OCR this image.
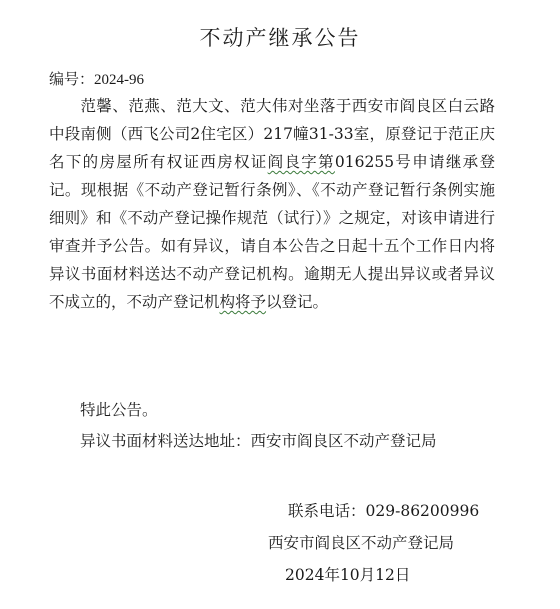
不动产继承公告
编号：2024-96
范馨、范燕、范大文、范大伟对坐落于西安市阎良区白云路中段南侧（西飞公司2住宅区）217幢31-33室，原登记于范正庆名下的房屋所有权证西房权证阎良字第016255号申请继承登记。现根据《不动产登记暂行条例》、《不动产登记暂行条例实施细则》和《不动产登记操作规范（试行）》之规定，对该申请进行审查并予公告。如有异议，请自本公告之日起十五个工作日内将异议书面材料送达不动产登记机构。逾期无人提出异议或者异议不成立的，不动产登记机构将予以登记。
特此公告。
异议书面材料送达地址：西安市阎良区不动产登记局
联系电话：029-86200996
西安市阎良区不动产登记局
2024年10月12日
